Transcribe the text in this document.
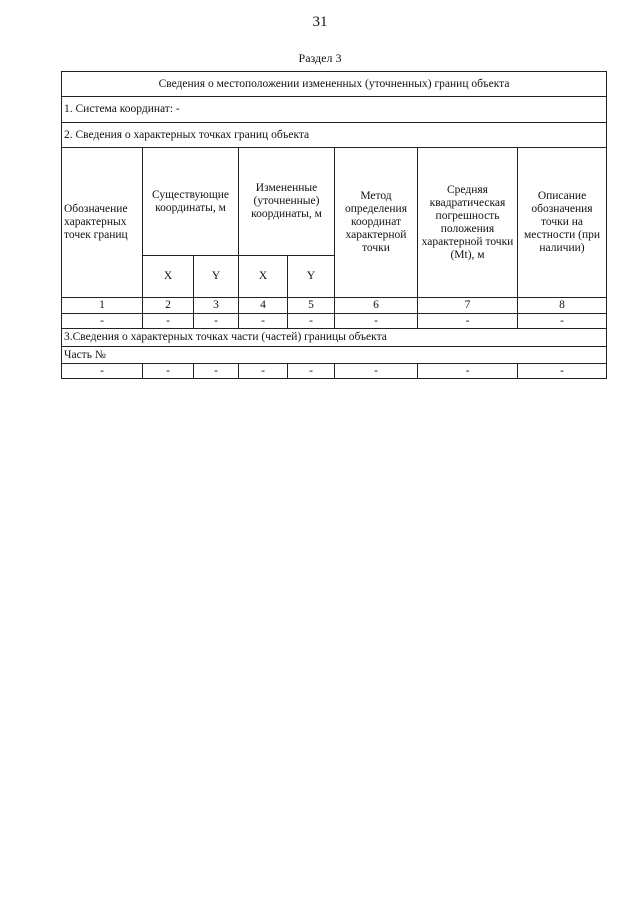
31
Раздел 3
Сведения о местоположении измененных (уточненных) границ объекта							
1. Система координат: -							
2. Сведения о характерных точках границ объекта							
Обозначение характерных точек границ	Существующие координаты, м		Измененные (уточненные) координаты, м		Метод определения координат характерной точки	Средняя квадратическая погрешность положения характерной точки (Mt), м	Описание обозначения точки на местности (при наличии)
	X	Y	X	Y			
1	2	3	4	5	6	7	8
-	-	-	-	-	-	-	-
3.Сведения о характерных точках части (частей) границы объекта							
Часть №							
-	-	-	-	-	-	-	-
